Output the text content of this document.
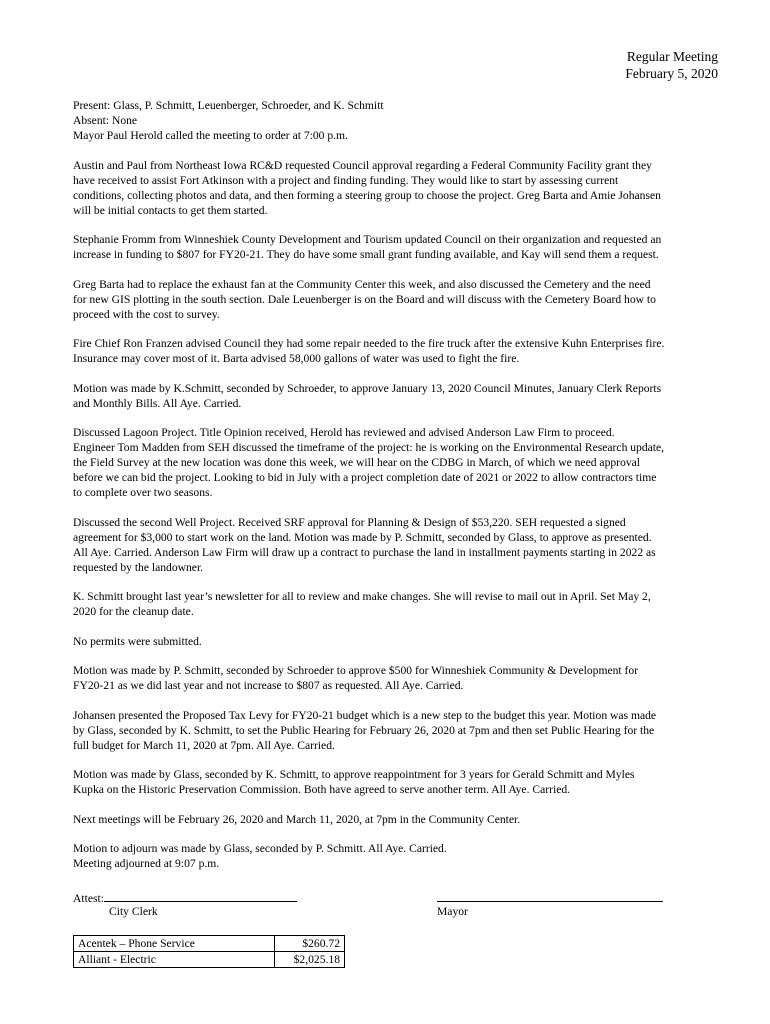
Regular Meeting
February 5, 2020
Present: Glass, P. Schmitt, Leuenberger, Schroeder, and K. Schmitt
Absent: None
Mayor Paul Herold called the meeting to order at 7:00 p.m.
Austin and Paul from Northeast Iowa RC&D requested Council approval regarding a Federal Community Facility grant they
have received to assist Fort Atkinson with a project and finding funding. They would like to start by assessing current
conditions, collecting photos and data, and then forming a steering group to choose the project. Greg Barta and Amie Johansen
will be initial contacts to get them started.
Stephanie Fromm from Winneshiek County Development and Tourism updated Council on their organization and requested an
increase in funding to $807 for FY20-21. They do have some small grant funding available, and Kay will send them a request.
Greg Barta had to replace the exhaust fan at the Community Center this week, and also discussed the Cemetery and the need
for new GIS plotting in the south section. Dale Leuenberger is on the Board and will discuss with the Cemetery Board how to
proceed with the cost to survey.
Fire Chief Ron Franzen advised Council they had some repair needed to the fire truck after the extensive Kuhn Enterprises fire.
Insurance may cover most of it. Barta advised 58,000 gallons of water was used to fight the fire.
Motion was made by K.Schmitt, seconded by Schroeder, to approve January 13, 2020 Council Minutes, January Clerk Reports
and Monthly Bills. All Aye. Carried.
Discussed Lagoon Project. Title Opinion received, Herold has reviewed and advised Anderson Law Firm to proceed.
Engineer Tom Madden from SEH discussed the timeframe of the project: he is working on the Environmental Research update,
the Field Survey at the new location was done this week, we will hear on the CDBG in March, of which we need approval
before we can bid the project. Looking to bid in July with a project completion date of 2021 or 2022 to allow contractors time
to complete over two seasons.
Discussed the second Well Project. Received SRF approval for Planning & Design of $53,220. SEH requested a signed
agreement for $3,000 to start work on the land. Motion was made by P. Schmitt, seconded by Glass, to approve as presented.
All Aye. Carried. Anderson Law Firm will draw up a contract to purchase the land in installment payments starting in 2022 as
requested by the landowner.
K. Schmitt brought last year’s newsletter for all to review and make changes. She will revise to mail out in April. Set May 2,
2020 for the cleanup date.
No permits were submitted.
Motion was made by P. Schmitt, seconded by Schroeder to approve $500 for Winneshiek Community & Development for
FY20-21 as we did last year and not increase to $807 as requested. All Aye. Carried.
Johansen presented the Proposed Tax Levy for FY20-21 budget which is a new step to the budget this year. Motion was made
by Glass, seconded by K. Schmitt, to set the Public Hearing for February 26, 2020 at 7pm and then set Public Hearing for the
full budget for March 11, 2020 at 7pm. All Aye. Carried.
Motion was made by Glass, seconded by K. Schmitt, to approve reappointment for 3 years for Gerald Schmitt and Myles
Kupka on the Historic Preservation Commission. Both have agreed to serve another term. All Aye. Carried.
Next meetings will be February 26, 2020 and March 11, 2020, at 7pm in the Community Center.
Motion to adjourn was made by Glass, seconded by P. Schmitt. All Aye. Carried.
Meeting adjourned at 9:07 p.m.
Attest:
City Clerk	Mayor
Acentek – Phone Service	$260.72
Alliant - Electric	$2,025.18
